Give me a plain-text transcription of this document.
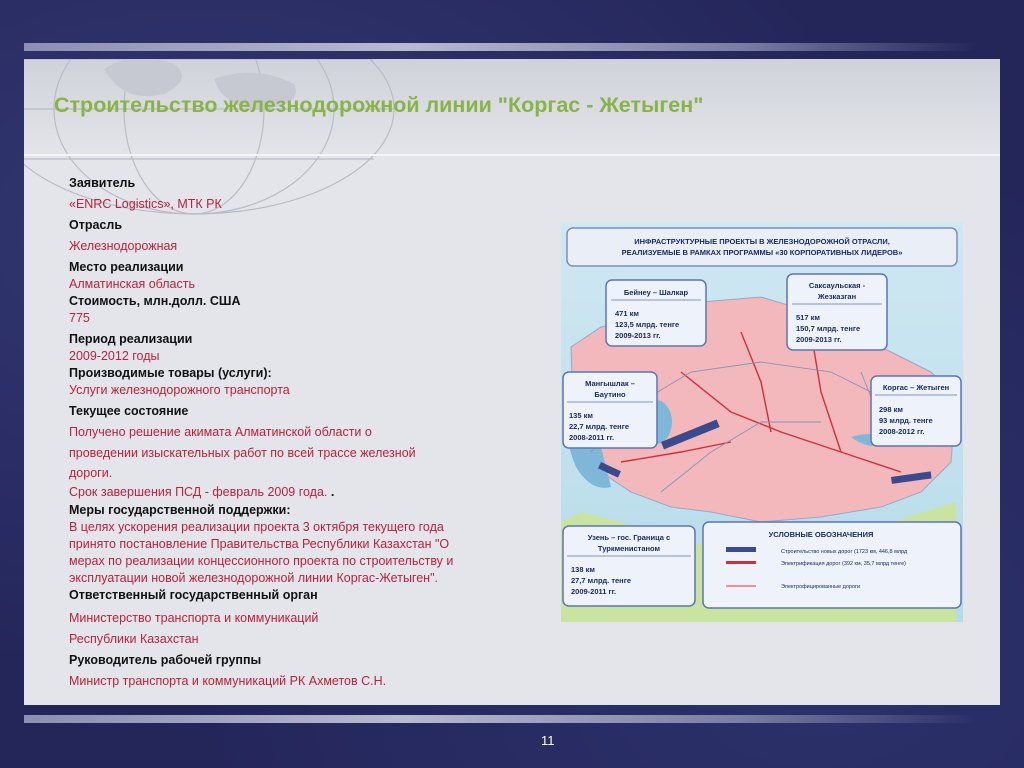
Строительство железнодорожной линии "Коргас - Жетыген"
Заявитель
«ENRC Logistics», МТК РК
Отрасль
Железнодорожная
Место реализации
Алматинская область
Стоимость, млн.долл. США
775
Период реализации
2009-2012 годы
Производимые товары (услуги):
Услуги железнодорожного транспорта
Текущее состояние
Получено решение акимата Алматинской области о
проведении изыскательных работ по всей трассе железной
дороги.
Срок завершения ПСД - февраль 2009 года. .
Меры государственной поддержки:
В целях ускорения реализации проекта 3 октября текущего года
принято постановление Правительства Республики Казахстан "О
мерах по реализации концессионного проекта по строительству и
эксплуатации новой железнодорожной линии Коргас-Жетыген".
Ответственный государственный орган
Министерство транспорта и коммуникаций
Республики Казахстан
Руководитель рабочей группы
Министр транспорта и коммуникаций РК Ахметов С.Н.
ИНФРАСТРУКТУРНЫЕ ПРОЕКТЫ В ЖЕЛЕЗНОДОРОЖНОЙ ОТРАСЛИ,
РЕАЛИЗУЕМЫЕ В РАМКАХ ПРОГРАММЫ «30 КОРПОРАТИВНЫХ ЛИДЕРОВ»
Бейнеу – Шалкар
471 км
123,5 млрд. тенге
2009-2013 гг.
Саксаульская -
Жезказган
517 км
150,7 млрд. тенге
2009-2013 гг.
Мангышлак –
Баутино
135 км
22,7 млрд. тенге
2008-2011 гг.
Коргас – Жетыген
298 км
93 млрд. тенге
2008-2012 гг.
Узень – гос. Граница с
Туркменистаном
138 км
27,7 млрд. тенге
2009-2011 гг.
УСЛОВНЫЕ ОБОЗНАЧЕНИЯ
Строительство новых дорог (1723 км, 446,8 млрд
Электрификация дорог (392 км, 35,7 млрд тенге)
Электрофицированные дороги
11
